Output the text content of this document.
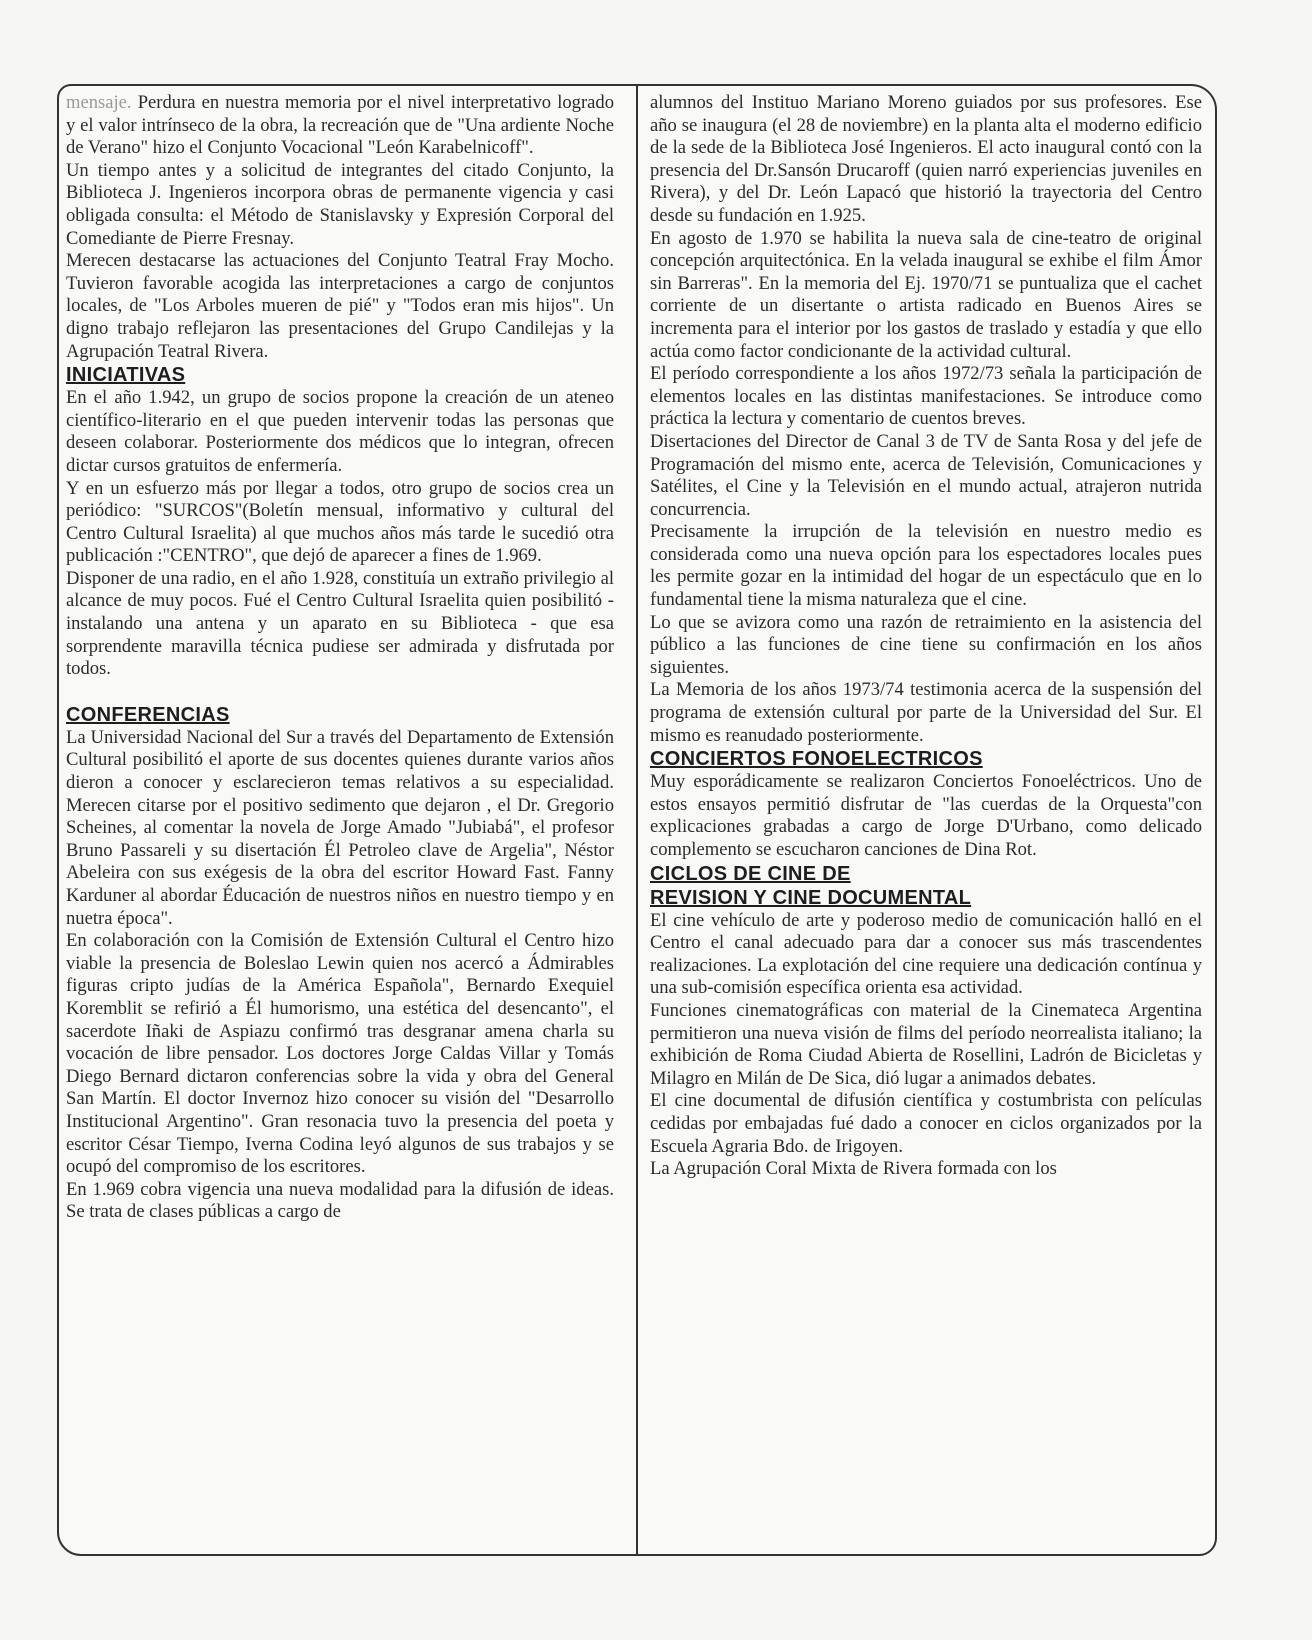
mensaje. Perdura en nuestra memoria por el nivel interpretativo logrado y el valor intrínseco de la obra, la recreación que de "Una ardiente Noche de Verano" hizo el Conjunto Vocacional "León Karabelnicoff".

Un tiempo antes y a solicitud de integrantes del citado Conjunto, la Biblioteca J. Ingenieros incorpora obras de permanente vigencia y casi obligada consulta: el Método de Stanislavsky y Expresión Corporal del Comediante de Pierre Fresnay.

Merecen destacarse las actuaciones del Conjunto Teatral Fray Mocho. Tuvieron favorable acogida las interpretaciones a cargo de conjuntos locales, de "Los Arboles mueren de pié" y "Todos eran mis hijos". Un digno trabajo reflejaron las presentaciones del Grupo Candilejas y la Agrupación Teatral Rivera.

INICIATIVAS

En el año 1.942, un grupo de socios propone la creación de un ateneo científico-literario en el que pueden intervenir todas las personas que deseen colaborar. Posteriormente dos médicos que lo integran, ofrecen dictar cursos gratuitos de enfermería.

Y en un esfuerzo más por llegar a todos, otro grupo de socios crea un periódico: "SURCOS"(Boletín mensual, informativo y cultural del Centro Cultural Israelita) al que muchos años más tarde le sucedió otra publicación :"CENTRO", que dejó de aparecer a fines de 1.969.

Disponer de una radio, en el año 1.928, constituía un extraño privilegio al alcance de muy pocos. Fué el Centro Cultural Israelita quien posibilitó - instalando una antena y un aparato en su Biblioteca - que esa sorprendente maravilla técnica pudiese ser admirada y disfrutada por todos.

CONFERENCIAS

La Universidad Nacional del Sur a través del Departamento de Extensión Cultural posibilitó el aporte de sus docentes quienes durante varios años dieron a conocer y esclarecieron temas relativos a su especialidad. Merecen citarse por el positivo sedimento que dejaron , el Dr. Gregorio Scheines, al comentar la novela de Jorge Amado "Jubiabá", el profesor Bruno Passareli y su disertación Él Petroleo clave de Argelia", Néstor Abeleira con sus exégesis de la obra del escritor Howard Fast. Fanny Karduner al abordar Éducación de nuestros niños en nuestro tiempo y en nuetra época".

En colaboración con la Comisión de Extensión Cultural el Centro hizo viable la presencia de Boleslao Lewin quien nos acercó a Ádmirables figuras cripto judías de la América Española", Bernardo Exequiel Koremblit se refirió a Él humorismo, una estética del desencanto", el sacerdote Iñaki de Aspiazu confirmó tras desgranar amena charla su vocación de libre pensador. Los doctores Jorge Caldas Villar y Tomás Diego Bernard dictaron conferencias sobre la vida y obra del General San Martín. El doctor Invernoz hizo conocer su visión del "Desarrollo Institucional Argentino". Gran resonacia tuvo la presencia del poeta y escritor César Tiempo, Iverna Codina leyó algunos de sus trabajos y se ocupó del compromiso de los escritores.

En 1.969 cobra vigencia una nueva modalidad para la difusión de ideas. Se trata de clases públicas a cargo de

alumnos del Instituo Mariano Moreno guiados por sus profesores. Ese año se inaugura (el 28 de noviembre) en la planta alta el moderno edificio de la sede de la Biblioteca José Ingenieros. El acto inaugural contó con la presencia del Dr.Sansón Drucaroff (quien narró experiencias juveniles en Rivera), y del Dr. León Lapacó que historió la trayectoria del Centro desde su fundación en 1.925.

En agosto de 1.970 se habilita la nueva sala de cine-teatro de original concepción arquitectónica. En la velada inaugural se exhibe el film Ámor sin Barreras". En la memoria del Ej. 1970/71 se puntualiza que el cachet corriente de un disertante o artista radicado en Buenos Aires se incrementa para el interior por los gastos de traslado y estadía y que ello actúa como factor condicionante de la actividad cultural.

El período correspondiente a los años 1972/73 señala la participación de elementos locales en las distintas manifestaciones. Se introduce como práctica la lectura y comentario de cuentos breves.

Disertaciones del Director de Canal 3 de TV de Santa Rosa y del jefe de Programación del mismo ente, acerca de Televisión, Comunicaciones y Satélites, el Cine y la Televisión en el mundo actual, atrajeron nutrida concurrencia.

Precisamente la irrupción de la televisión en nuestro medio es considerada como una nueva opción para los espectadores locales pues les permite gozar en la intimidad del hogar de un espectáculo que en lo fundamental tiene la misma naturaleza que el cine.

Lo que se avizora como una razón de retraimiento en la asistencia del público a las funciones de cine tiene su confirmación en los años siguientes.

La Memoria de los años 1973/74 testimonia acerca de la suspensión del programa de extensión cultural por parte de la Universidad del Sur. El mismo es reanudado posteriormente.

CONCIERTOS FONOELECTRICOS

Muy esporádicamente se realizaron Conciertos Fonoeléctricos. Uno de estos ensayos permitió disfrutar de "las cuerdas de la Orquesta"con explicaciones grabadas a cargo de Jorge D'Urbano, como delicado complemento se escucharon canciones de Dina Rot.

CICLOS DE CINE DE
REVISION Y CINE DOCUMENTAL

El cine vehículo de arte y poderoso medio de comunicación halló en el Centro el canal adecuado para dar a conocer sus más trascendentes realizaciones. La explotación del cine requiere una dedicación contínua y una sub-comisión específica orienta esa actividad.

Funciones cinematográficas con material de la Cinemateca Argentina permitieron una nueva visión de films del período neorrealista italiano; la exhibición de Roma Ciudad Abierta de Rosellini, Ladrón de Bicicletas y Milagro en Milán de De Sica, dió lugar a animados debates.

El cine documental de difusión científica y costumbrista con películas cedidas por embajadas fué dado a conocer en ciclos organizados por la Escuela Agraria Bdo. de Irigoyen.

La Agrupación Coral Mixta de Rivera formada con los
